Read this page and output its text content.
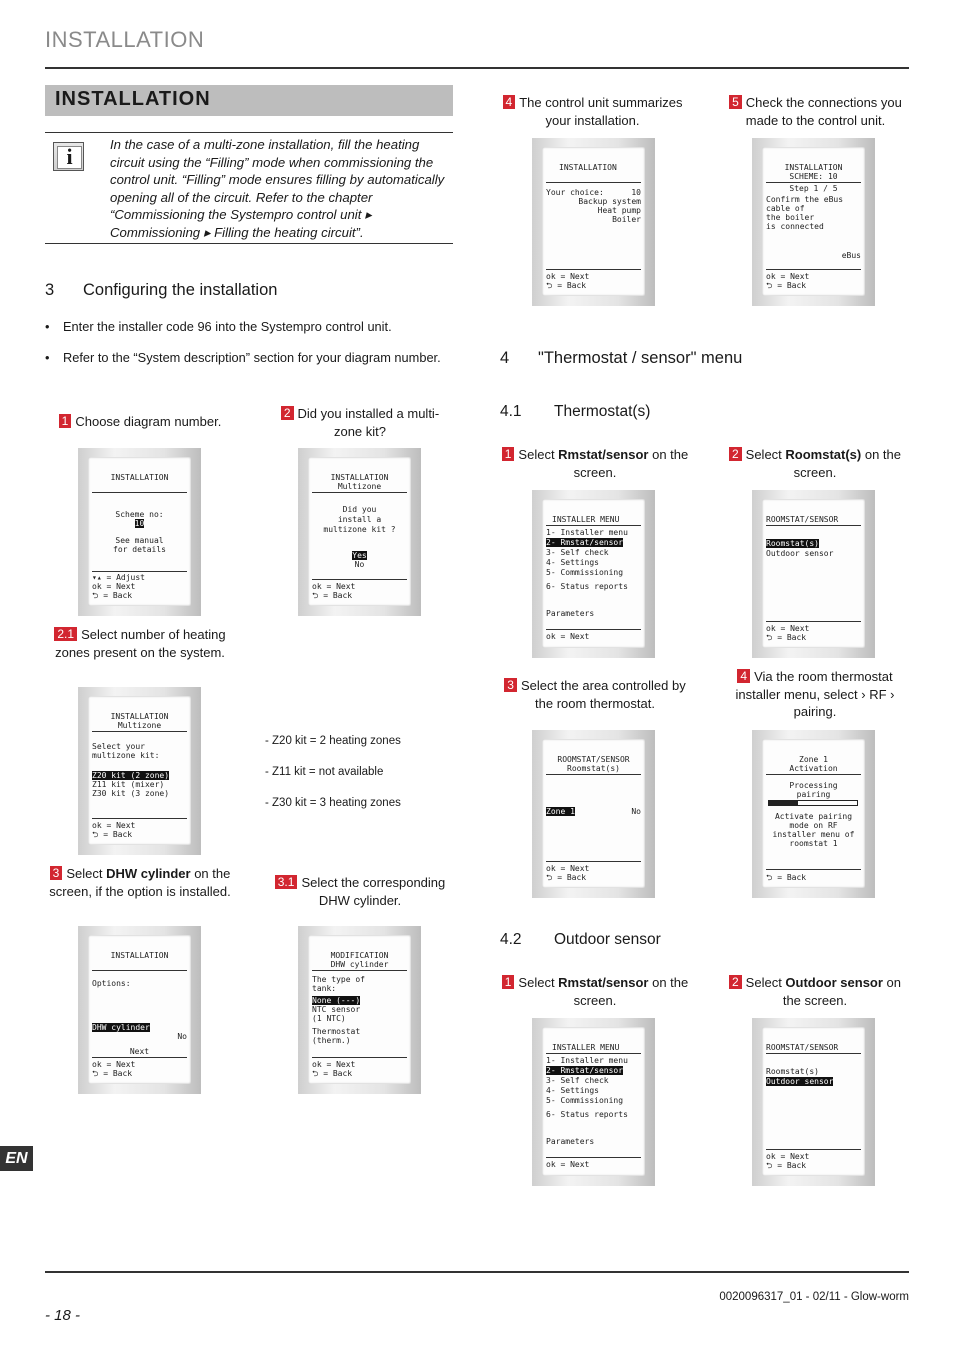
INSTALLATION
INSTALLATION
i	In the case of a multi-zone installation, fill the heating circuit using the “Filling” mode when commissioning the control unit. “Filling” mode ensures filling by automatically opening all of the circuit. Refer to the chapter “Commissioning the Systempro control unit ▸ Commissioning ▸ Filling the heating circuit”.
3 Configuring the installation
• Enter the installer code 96 into the Systempro control unit.
• Refer to the “System description” section for your diagram number.
1 Choose diagram number.
INSTALLATION
Scheme no:
10
See manual
for details
▾▴ = Adjust
ok = Next
⮌ = Back
2 Did you installed a multi-zone kit?
INSTALLATION
Multizone
Did you
install a
multizone kit ?
Yes
No
ok = Next
⮌ = Back
2.1 Select number of heating zones present on the system.
INSTALLATION
Multizone
Select your
multizone kit:
Z20 kit (2 zone)
Z11 kit (mixer)
Z30 kit (3 zone)
ok = Next
⮌ = Back
- Z20 kit = 2 heating zones
- Z11 kit = not available
- Z30 kit = 3 heating zones
3 Select DHW cylinder on the screen, if the option is installed.
INSTALLATION
Options:
DHW cylinder
No
Next
ok = Next
⮌ = Back
3.1 Select the corresponding DHW cylinder.
MODIFICATION
DHW cylinder
The type of
tank:
None (---)
NTC sensor
(1 NTC)
Thermostat
(therm.)
ok = Next
⮌ = Back
4 The control unit summarizes your installation.
INSTALLATION
Your choice:	10
Backup system
Heat pump
Boiler
ok = Next
⮌ = Back
5 Check the connections you made to the control unit.
INSTALLATION
SCHEME: 10
Step 1 / 5
Confirm the eBus
cable of
the boiler
is connected
eBus
ok = Next
⮌ = Back
4 "Thermostat / sensor" menu
4.1 Thermostat(s)
1 Select Rmstat/sensor on the screen.
INSTALLER MENU
1- Installer menu
2- Rmstat/sensor
3- Self check
4- Settings
5- Commissioning
6- Status reports
Parameters
ok = Next
2 Select Roomstat(s) on the screen.
ROOMSTAT/SENSOR
Roomstat(s)
Outdoor sensor
ok = Next
⮌ = Back
3 Select the area controlled by the room thermostat.
ROOMSTAT/SENSOR
Roomstat(s)
Zone 1	No
ok = Next
⮌ = Back
4 Via the room thermostat installer menu, select › RF › pairing.
Zone 1
Activation
Processing
pairing
Activate pairing
mode on RF
installer menu of
roomstat 1
⮌ = Back
4.2 Outdoor sensor
1 Select Rmstat/sensor on the screen.
INSTALLER MENU
1- Installer menu
2- Rmstat/sensor
3- Self check
4- Settings
5- Commissioning
6- Status reports
Parameters
ok = Next
2 Select Outdoor sensor on the screen.
ROOMSTAT/SENSOR
Roomstat(s)
Outdoor sensor
ok = Next
⮌ = Back
EN
0020096317_01 - 02/11 - Glow-worm
- 18 -
